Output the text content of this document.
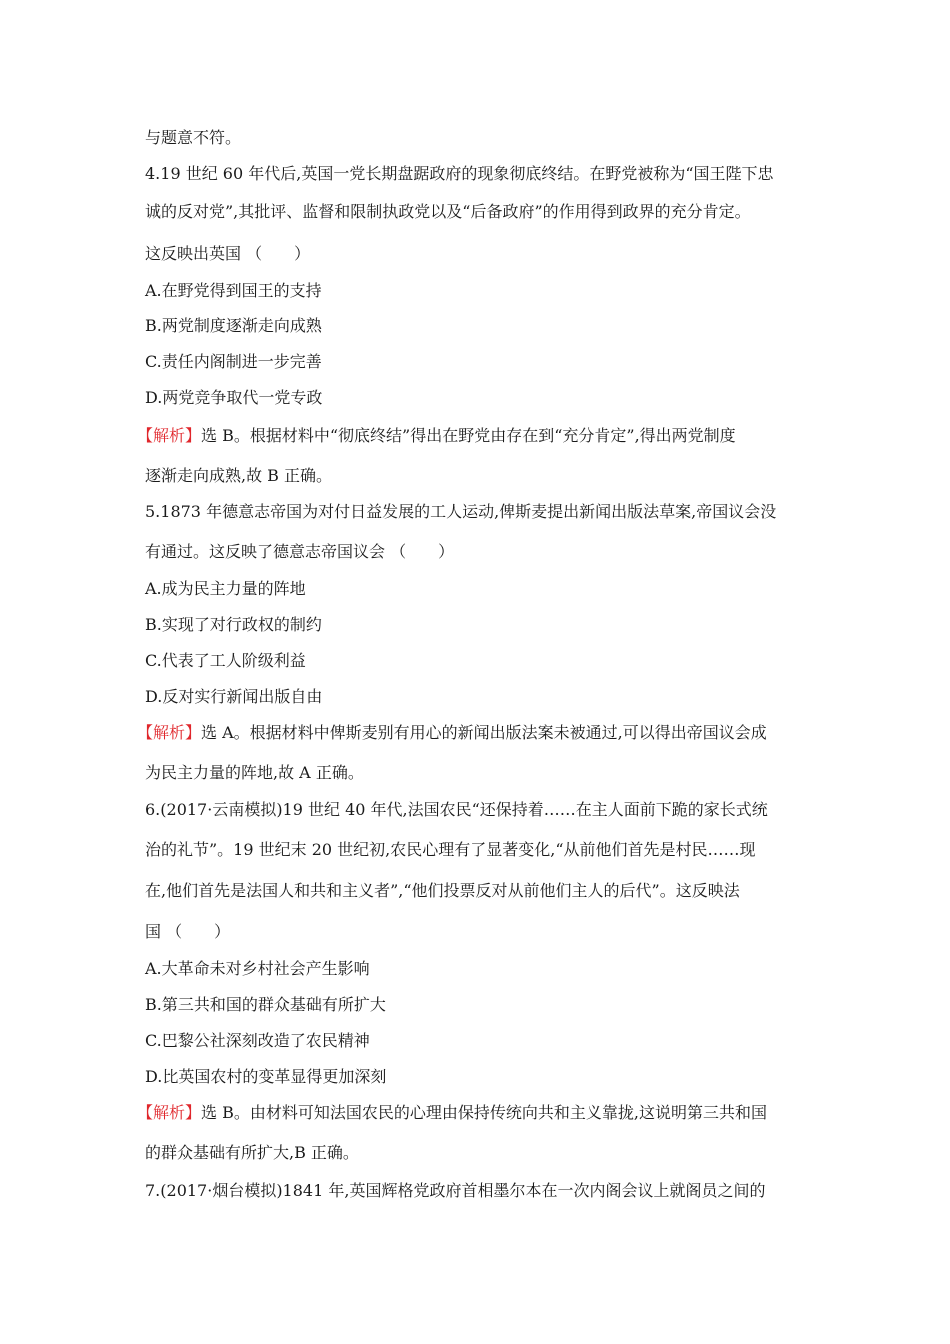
与题意不符。
4.19 世纪 60 年代后,英国一党长期盘踞政府的现象彻底终结。在野党被称为“国王陛下忠
诚的反对党”,其批评、监督和限制执政党以及“后备政府”的作用得到政界的充分肯定。
这反映出英国 （　　）
A.在野党得到国王的支持
B.两党制度逐渐走向成熟
C.责任内阁制进一步完善
D.两党竞争取代一党专政
【解析】选 B。根据材料中“彻底终结”得出在野党由存在到“充分肯定”,得出两党制度
逐渐走向成熟,故 B 正确。
5.1873 年德意志帝国为对付日益发展的工人运动,俾斯麦提出新闻出版法草案,帝国议会没
有通过。这反映了德意志帝国议会 （　　）
A.成为民主力量的阵地
B.实现了对行政权的制约
C.代表了工人阶级利益
D.反对实行新闻出版自由
【解析】选 A。根据材料中俾斯麦别有用心的新闻出版法案未被通过,可以得出帝国议会成
为民主力量的阵地,故 A 正确。
6.(2017·云南模拟)19 世纪 40 年代,法国农民“还保持着……在主人面前下跪的家长式统
治的礼节”。19 世纪末 20 世纪初,农民心理有了显著变化,“从前他们首先是村民……现
在,他们首先是法国人和共和主义者”,“他们投票反对从前他们主人的后代”。这反映法
国 （　　）
A.大革命未对乡村社会产生影响
B.第三共和国的群众基础有所扩大
C.巴黎公社深刻改造了农民精神
D.比英国农村的变革显得更加深刻
【解析】选 B。由材料可知法国农民的心理由保持传统向共和主义靠拢,这说明第三共和国
的群众基础有所扩大,B 正确。
7.(2017·烟台模拟)1841 年,英国辉格党政府首相墨尔本在一次内阁会议上就阁员之间的
